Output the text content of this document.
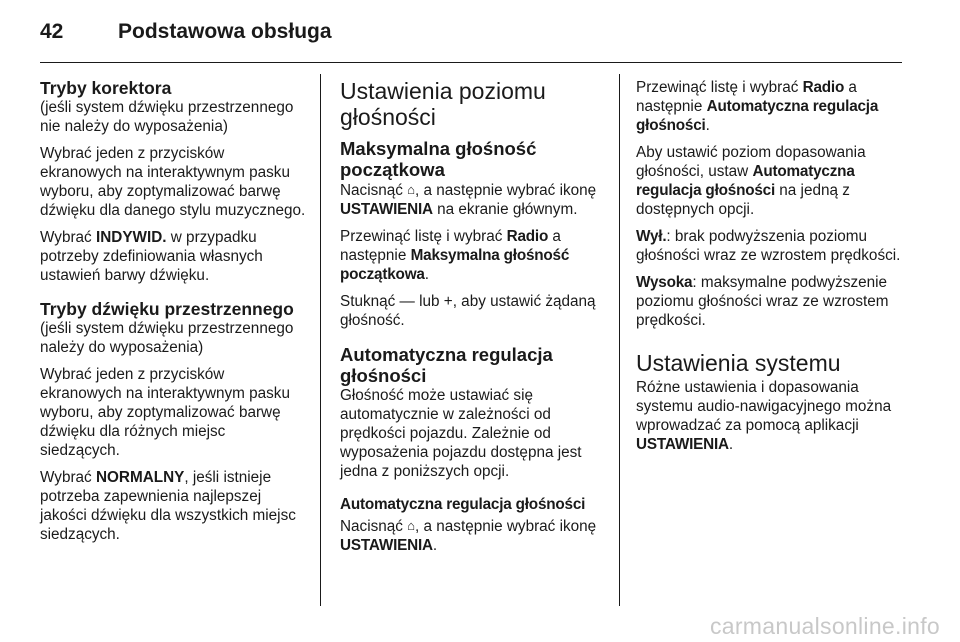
42	Podstawowa obsługa
Tryby korektora

(jeśli system dźwięku przestrzennego nie należy do wyposażenia)

Wybrać jeden z przycisków ekranowych na interaktywnym pasku wyboru, aby zoptymalizować barwę dźwięku dla danego stylu muzycznego.

Wybrać INDYWID. w przypadku potrzeby zdefiniowania własnych ustawień barwy dźwięku.

Tryby dźwięku przestrzennego

(jeśli system dźwięku przestrzennego należy do wyposażenia)

Wybrać jeden z przycisków ekranowych na interaktywnym pasku wyboru, aby zoptymalizować barwę dźwięku dla różnych miejsc siedzących.

Wybrać NORMALNY, jeśli istnieje potrzeba zapewnienia najlepszej jakości dźwięku dla wszystkich miejsc siedzących.

Ustawienia poziomu głośności
Maksymalna głośność początkowa

Nacisnąć ⌂, a następnie wybrać ikonę USTAWIENIA na ekranie głównym.

Przewinąć listę i wybrać Radio a następnie Maksymalna głośność początkowa.

Stuknąć — lub +, aby ustawić żądaną głośność.

Automatyczna regulacja głośności

Głośność może ustawiać się automatycznie w zależności od prędkości pojazdu. Zależnie od wyposażenia pojazdu dostępna jest jedna z poniższych opcji.

Automatyczna regulacja głośności

Nacisnąć ⌂, a następnie wybrać ikonę USTAWIENIA.

Przewinąć listę i wybrać Radio a następnie Automatyczna regulacja głośności.

Aby ustawić poziom dopasowania głośności, ustaw Automatyczna regulacja głośności na jedną z dostępnych opcji.

Wył.: brak podwyższenia poziomu głośności wraz ze wzrostem prędkości.

Wysoka: maksymalne podwyższenie poziomu głośności wraz ze wzrostem prędkości.

Ustawienia systemu

Różne ustawienia i dopasowania systemu audio-nawigacyjnego można wprowadzać za pomocą aplikacji USTAWIENIA.

carmanualsonline.info
